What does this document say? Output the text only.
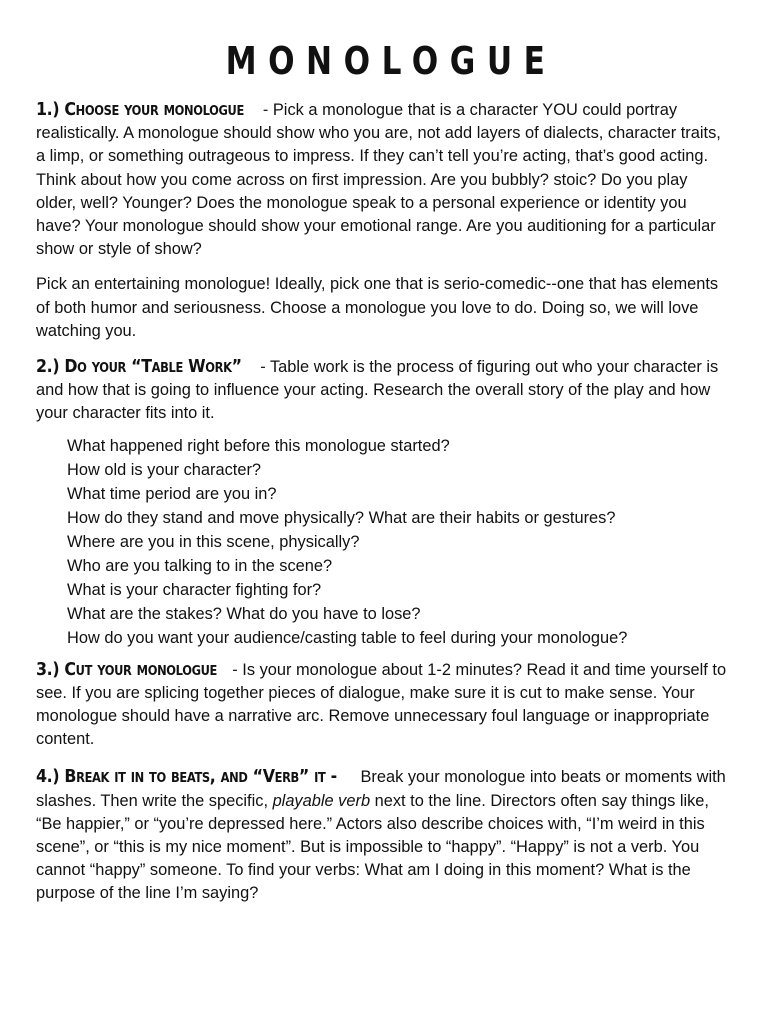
MONOLOGUE

1.) Choose your monologue - Pick a monologue that is a character YOU could portray realistically. A monologue should show who you are, not add layers of dialects, character traits, a limp, or something outrageous to impress. If they can’t tell you’re acting, that’s good acting. Think about how you come across on first impression. Are you bubbly? stoic? Do you play older, well? Younger? Does the monologue speak to a personal experience or identity you have? Your monologue should show your emotional range. Are you auditioning for a particular show or style of show?

Pick an entertaining monologue! Ideally, pick one that is serio-comedic--one that has elements of both humor and seriousness. Choose a monologue you love to do. Doing so, we will love watching you.

2.) Do your “Table Work” - Table work is the process of figuring out who your character is and how that is going to influence your acting. Research the overall story of the play and how your character fits into it.

What happened right before this monologue started?
How old is your character?
What time period are you in?
How do they stand and move physically? What are their habits or gestures?
Where are you in this scene, physically?
Who are you talking to in the scene?
What is your character fighting for?
What are the stakes? What do you have to lose?
How do you want your audience/casting table to feel during your monologue?

3.) Cut your monologue - Is your monologue about 1-2 minutes? Read it and time yourself to see. If you are splicing together pieces of dialogue, make sure it is cut to make sense. Your monologue should have a narrative arc. Remove unnecessary foul language or inappropriate content.

4.) Break it in to beats, and “Verb” it - Break your monologue into beats or moments with slashes. Then write the specific, playable verb next to the line. Directors often say things like, “Be happier,” or “you’re depressed here.” Actors also describe choices with, “I’m weird in this scene”, or “this is my nice moment”. But is impossible to “happy”. “Happy” is not a verb. You cannot “happy” someone. To find your verbs: What am I doing in this moment? What is the purpose of the line I’m saying?
